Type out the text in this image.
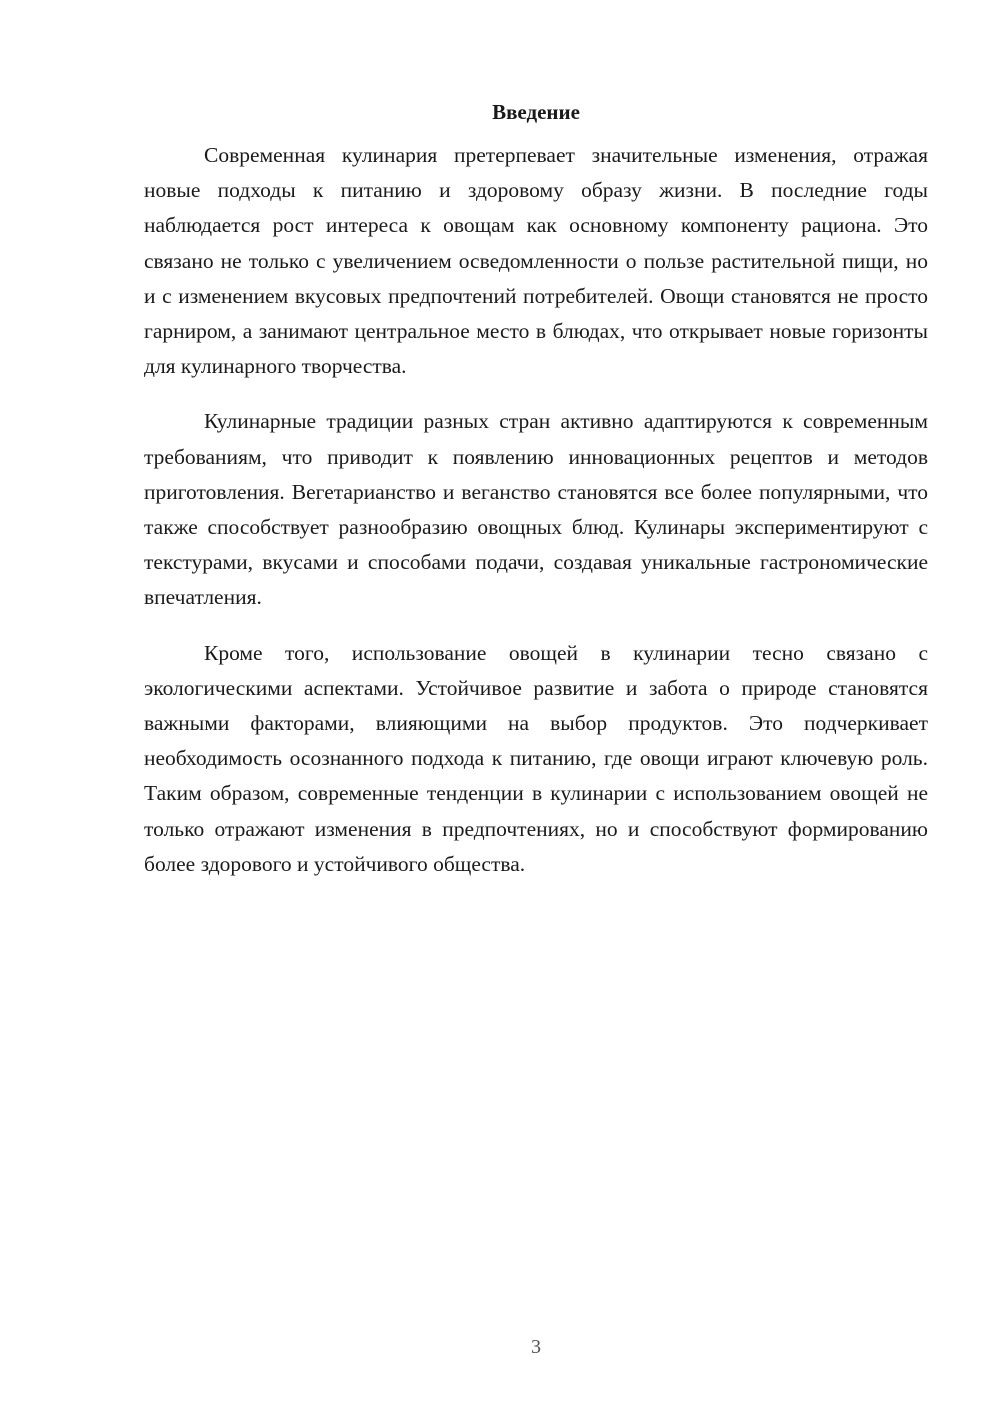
Введение

Современная кулинария претерпевает значительные изменения, отражая новые подходы к питанию и здоровому образу жизни. В последние годы наблюдается рост интереса к овощам как основному компоненту рациона. Это связано не только с увеличением осведомленности о пользе растительной пищи, но и с изменением вкусовых предпочтений потребителей. Овощи становятся не просто гарниром, а занимают центральное место в блюдах, что открывает новые горизонты для кулинарного творчества.

Кулинарные традиции разных стран активно адаптируются к современным требованиям, что приводит к появлению инновационных рецептов и методов приготовления. Вегетарианство и веганство становятся все более популярными, что также способствует разнообразию овощных блюд. Кулинары экспериментируют с текстурами, вкусами и способами подачи, создавая уникальные гастрономические впечатления.

Кроме того, использование овощей в кулинарии тесно связано с экологическими аспектами. Устойчивое развитие и забота о природе становятся важными факторами, влияющими на выбор продуктов. Это подчеркивает необходимость осознанного подхода к питанию, где овощи играют ключевую роль. Таким образом, современные тенденции в кулинарии с использованием овощей не только отражают изменения в предпочтениях, но и способствуют формированию более здорового и устойчивого общества.

3
